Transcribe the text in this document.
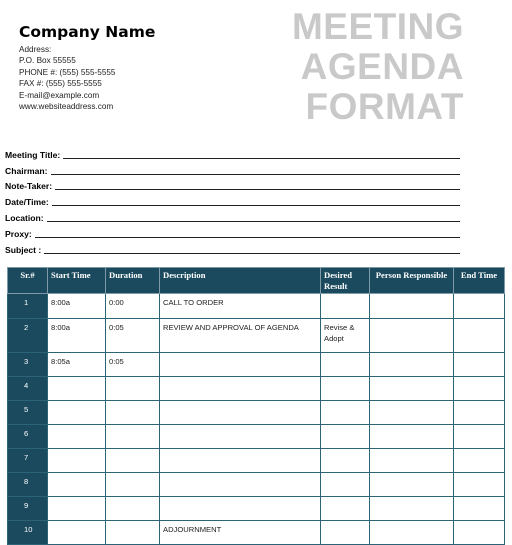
Company Name
Address:
P.O. Box 55555
PHONE #: (555) 555-5555
FAX #: (555) 555-5555
E-mail@example.com
www.websiteaddress.com
MEETING
AGENDA
FORMAT
Meeting Title:
Chairman:
Note-Taker:
Date/Time:
Location:
Proxy:
Subject :
Sr.#	Start Time	Duration	Description	Desired Result	Person Responsible	End Time
1	8:00a	0:00	CALL TO ORDER			
2	8:00a	0:05	REVIEW AND APPROVAL OF AGENDA	Revise & Adopt		
3	8:05a	0:05				
4						
5						
6						
7						
8						
9						
10			ADJOURNMENT			
